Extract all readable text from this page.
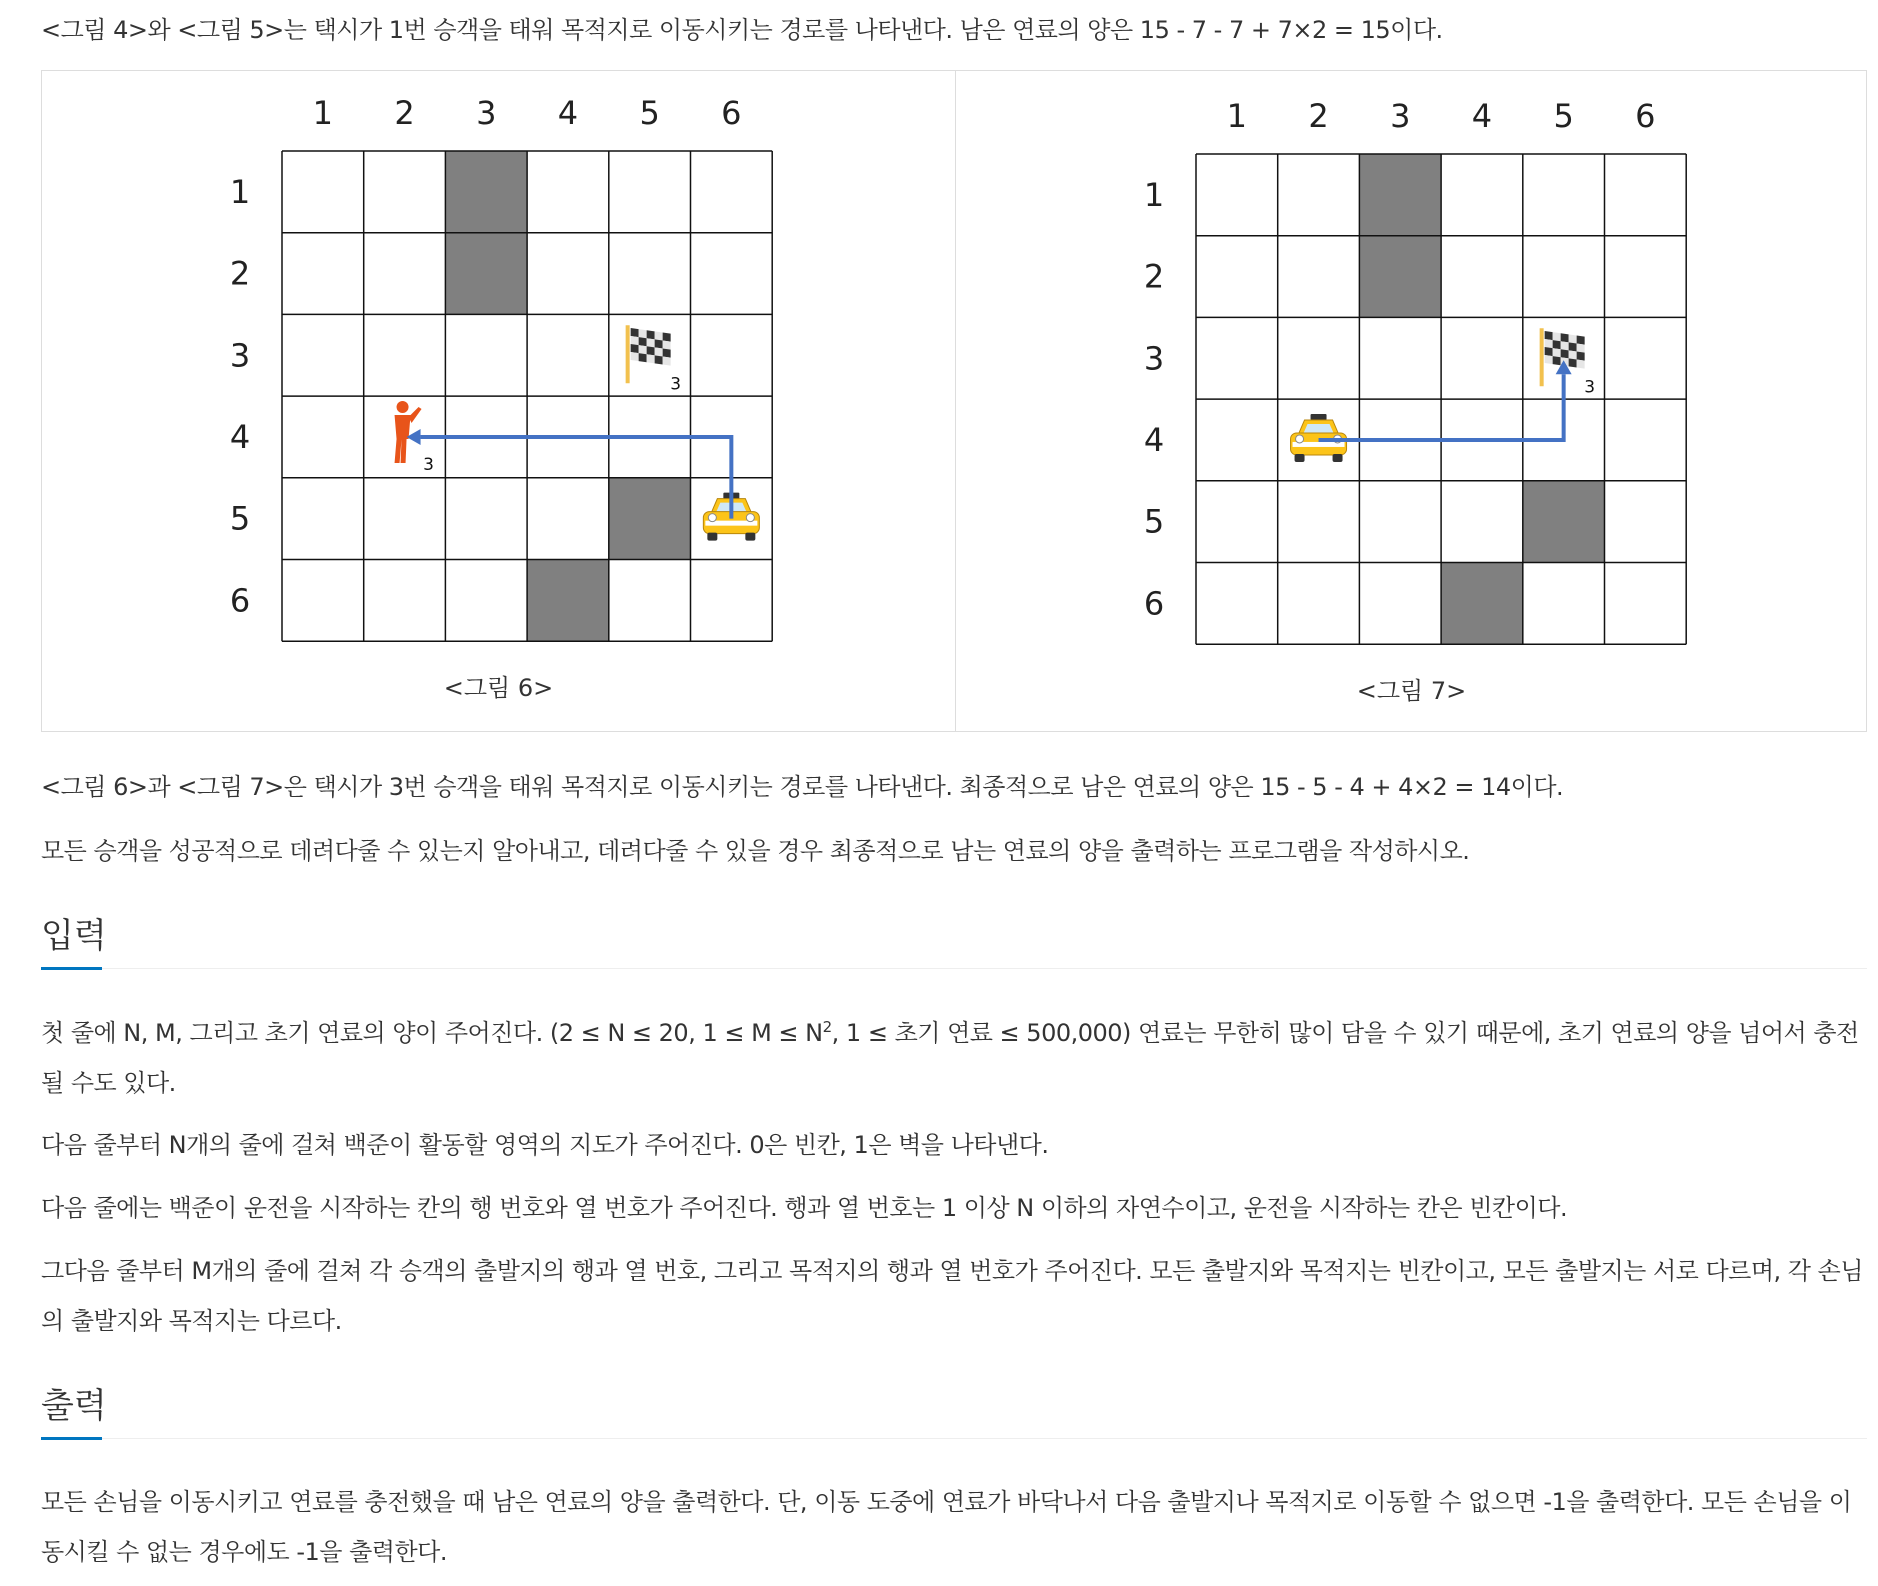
<그림 4>와 <그림 5>는 택시가 1번 승객을 태워 목적지로 이동시키는 경로를 나타낸다. 남은 연료의 양은 15 - 7 - 7 + 7×2 = 15이다.

1 2 3 4 5 6
1
2
3
4
5
6
3
3
<그림 6>
1 2 3 4 5 6
1
2
3
4
5
6
3
<그림 7>

<그림 6>과 <그림 7>은 택시가 3번 승객을 태워 목적지로 이동시키는 경로를 나타낸다. 최종적으로 남은 연료의 양은 15 - 5 - 4 + 4×2 = 14이다.

모든 승객을 성공적으로 데려다줄 수 있는지 알아내고, 데려다줄 수 있을 경우 최종적으로 남는 연료의 양을 출력하는 프로그램을 작성하시오.

입력

첫 줄에 N, M, 그리고 초기 연료의 양이 주어진다. (2 ≤ N ≤ 20, $1 \le M \le N^2$, 1 ≤ 초기 연료 ≤ 500,000) 연료는 무한히 많이 담을 수 있기 때문에, 초기 연료의 양을 넘어서 충전될 수도 있다.

다음 줄부터 N개의 줄에 걸쳐 백준이 활동할 영역의 지도가 주어진다. 0은 빈칸, 1은 벽을 나타낸다.

다음 줄에는 백준이 운전을 시작하는 칸의 행 번호와 열 번호가 주어진다. 행과 열 번호는 1 이상 N 이하의 자연수이고, 운전을 시작하는 칸은 빈칸이다.

그다음 줄부터 M개의 줄에 걸쳐 각 승객의 출발지의 행과 열 번호, 그리고 목적지의 행과 열 번호가 주어진다. 모든 출발지와 목적지는 빈칸이고, 모든 출발지는 서로 다르며, 각 손님의 출발지와 목적지는 다르다.

출력

모든 손님을 이동시키고 연료를 충전했을 때 남은 연료의 양을 출력한다. 단, 이동 도중에 연료가 바닥나서 다음 출발지나 목적지로 이동할 수 없으면 -1을 출력한다. 모든 손님을 이동시킬 수 없는 경우에도 -1을 출력한다.
